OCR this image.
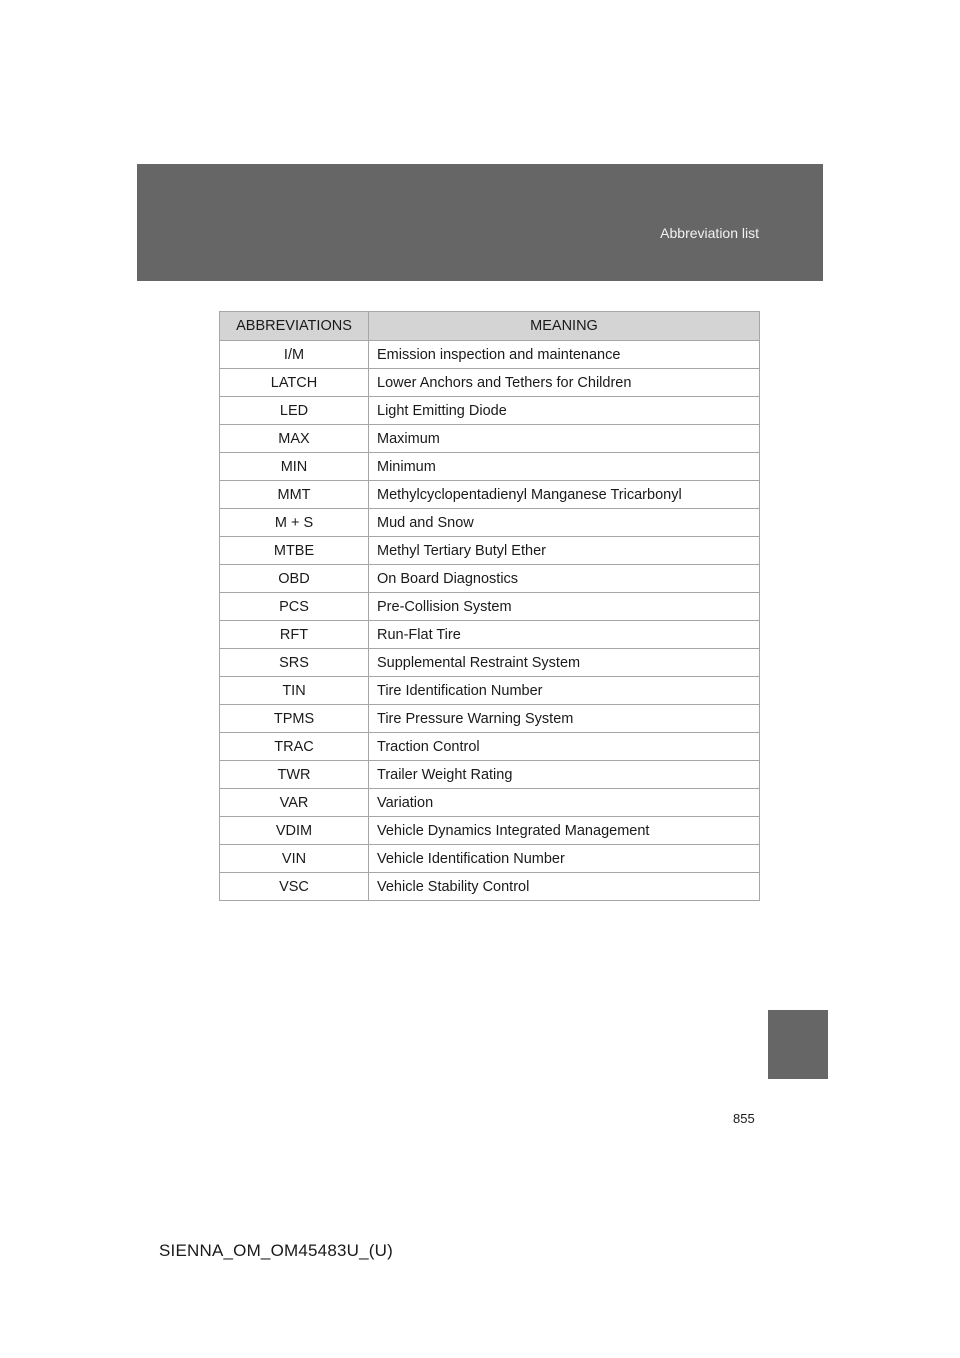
Abbreviation list
ABBREVIATIONS	MEANING
I/M	Emission inspection and maintenance
LATCH	Lower Anchors and Tethers for Children
LED	Light Emitting Diode
MAX	Maximum
MIN	Minimum
MMT	Methylcyclopentadienyl Manganese Tricarbonyl
M + S	Mud and Snow
MTBE	Methyl Tertiary Butyl Ether
OBD	On Board Diagnostics
PCS	Pre-Collision System
RFT	Run-Flat Tire
SRS	Supplemental Restraint System
TIN	Tire Identification Number
TPMS	Tire Pressure Warning System
TRAC	Traction Control
TWR	Trailer Weight Rating
VAR	Variation
VDIM	Vehicle Dynamics Integrated Management
VIN	Vehicle Identification Number
VSC	Vehicle Stability Control
855
SIENNA_OM_OM45483U_(U)
